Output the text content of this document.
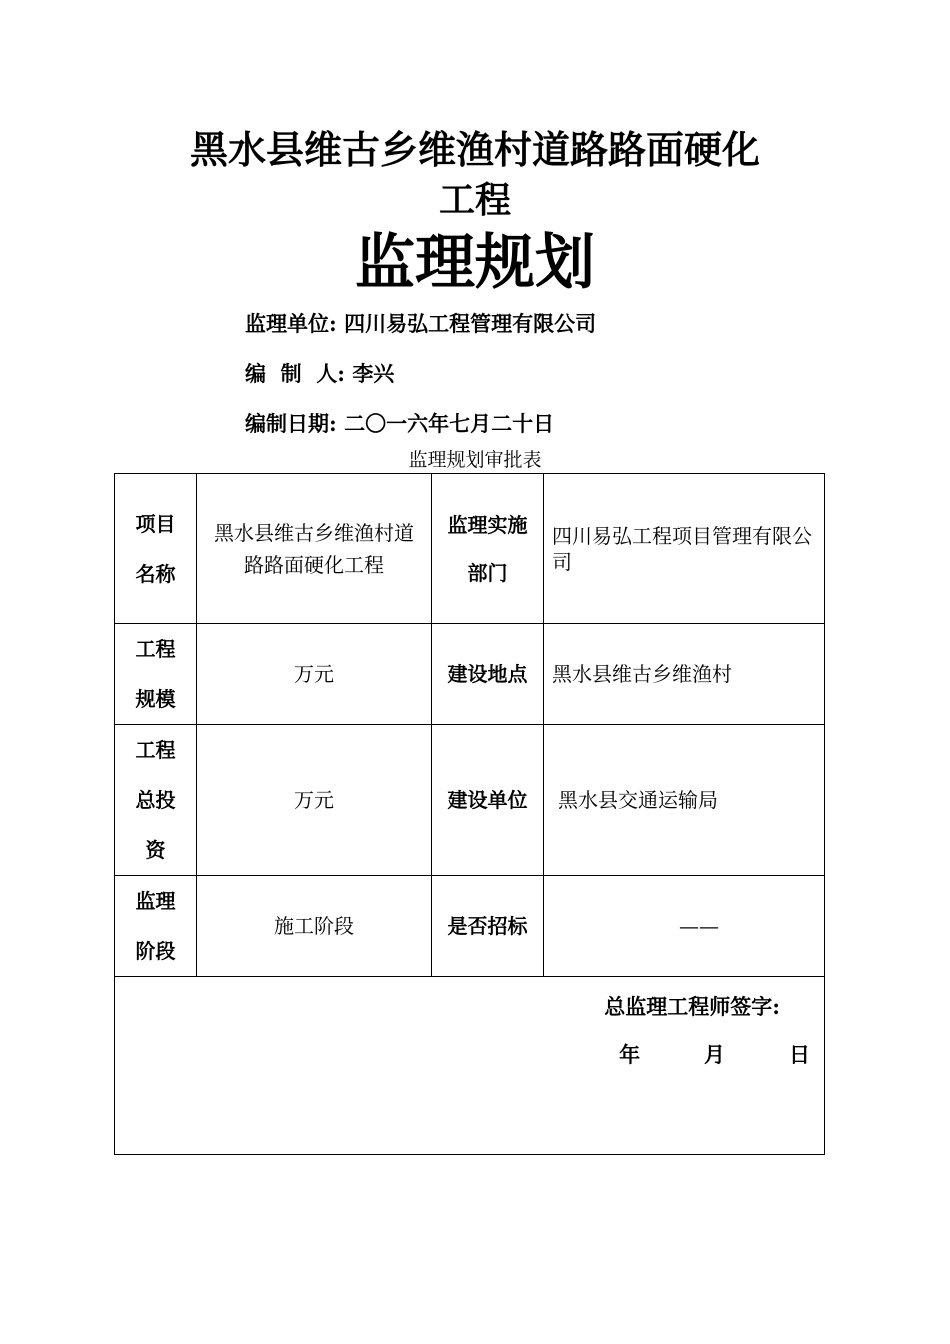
黑水县维古乡维渔村道路路面硬化
工程
监理规划
监理单位: 四川易弘工程管理有限公司
编  制  人: 李兴
编制日期: 二〇一六年七月二十日
监理规划审批表
项目名称	黑水县维古乡维渔村道路路面硬化工程	监理实施部门	四川易弘工程项目管理有限公司

工程规模	万元	建设地点	黑水县维古乡维渔村

工程总投资	万元	建设单位	黑水县交通运输局

监理阶段	施工阶段	是否招标	——

总监理工程师签字:
年   月   日			
